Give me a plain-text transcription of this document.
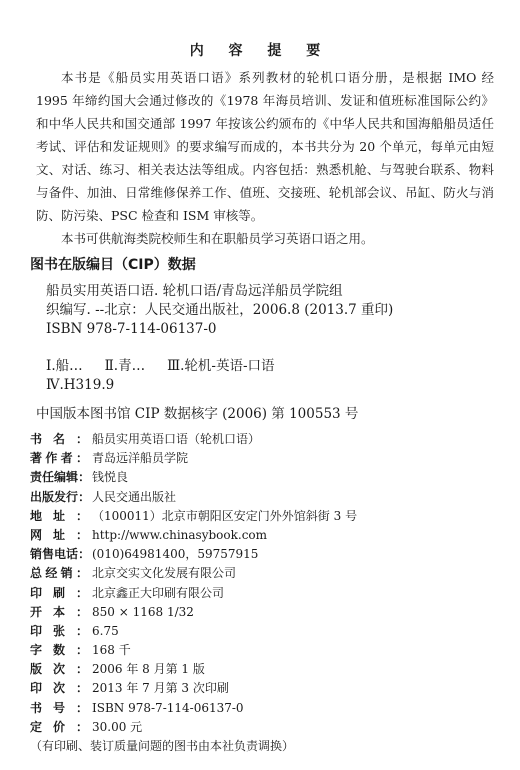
内 容 提 要

本书是《船员实用英语口语》系列教材的轮机口语分册，是根据 IMO 经 1995 年缔约国大会通过修改的《1978 年海员培训、发证和值班标准国际公约》和中华人民共和国交通部 1997 年按该公约颁布的《中华人民共和国海船船员适任考试、评估和发证规则》的要求编写而成的，本书共分为 20 个单元，每单元由短文、对话、练习、相关表达法等组成。内容包括：熟悉机舱、与驾驶台联系、物料与备件、加油、日常维修保养工作、值班、交接班、轮机部会议、吊缸、防火与消防、防污染、PSC 检查和 ISM 审核等。

本书可供航海类院校师生和在职船员学习英语口语之用。

图书在版编目（CIP）数据
船员实用英语口语. 轮机口语/青岛远洋船员学院组
织编写. --北京：人民交通出版社，2006.8 (2013.7 重印)
ISBN 978-7-114-06137-0
Ⅰ.船… Ⅱ.青… Ⅲ.轮机-英语-口语
Ⅳ.H319.9
中国版本图书馆 CIP 数据核字 (2006) 第 100553 号
书 名 ： 船员实用英语口语（轮机口语）
著 作 者 ： 青岛远洋船员学院
责 任 编 辑 ： 钱悦良
出 版 发 行 ： 人民交通出版社
地 址 ： （100011）北京市朝阳区安定门外外馆斜街 3 号
网 址 ： http://www.chinasybook.com
销 售 电 话 ： (010)64981400，59757915
总 经 销 ： 北京交实文化发展有限公司
印 刷 ： 北京鑫正大印刷有限公司
开 本 ： 850 × 1168 1/32
印 张 ： 6.75
字 数 ： 168 千
版 次 ： 2006 年 8 月第 1 版
印 次 ： 2013 年 7 月第 3 次印刷
书 号 ： ISBN 978-7-114-06137-0
定 价 ： 30.00 元
（有印刷、装订质量问题的图书由本社负责调换）
